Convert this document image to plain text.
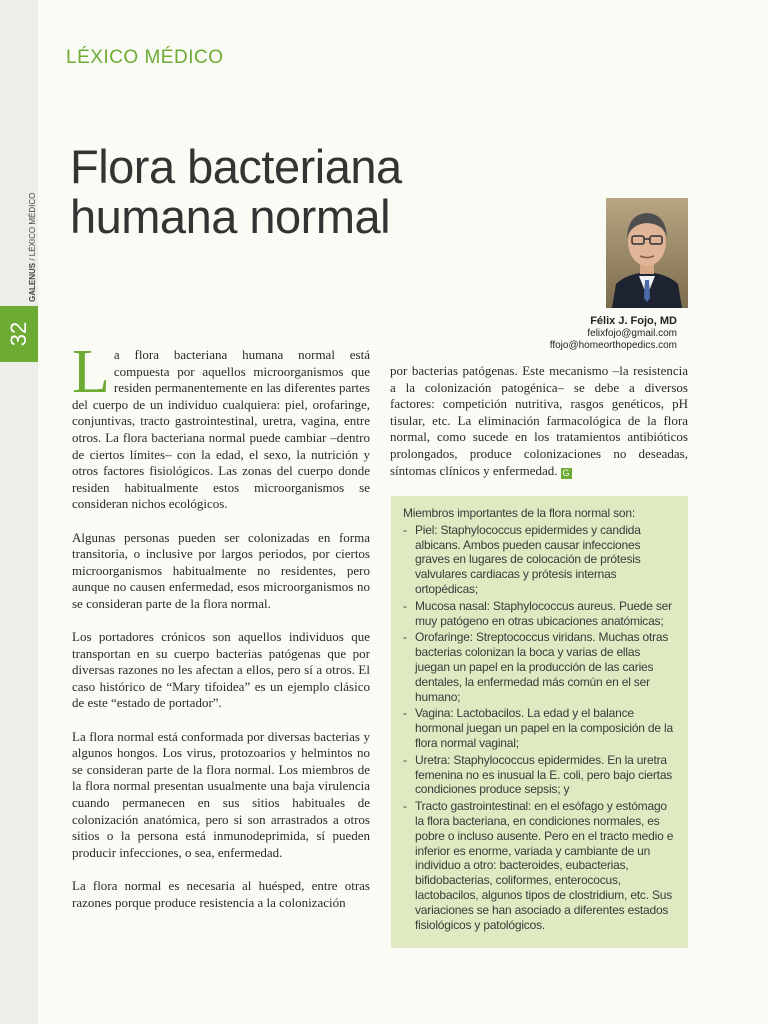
32
GALENUS / LÉXICO MÉDICO
LÉXICO MÉDICO
Flora bacteriana
humana normal
Félix J. Fojo, MD
felixfojo@gmail.com
ffojo@homeorthopedics.com

La flora bacteriana humana normal está compuesta por aquellos microorganismos que residen permanentemente en las diferentes partes del cuerpo de un individuo cualquiera: piel, orofaringe, conjuntivas, tracto gastrointestinal, uretra, vagina, entre otros. La flora bacteriana normal puede cambiar –dentro de ciertos límites– con la edad, el sexo, la nutrición y otros factores fisiológicos. Las zonas del cuerpo donde residen habitualmente estos microorganismos se consideran nichos ecológicos.

Algunas personas pueden ser colonizadas en forma transitoria, o inclusive por largos periodos, por ciertos microorganismos habitualmente no residentes, pero aunque no causen enfermedad, esos microorganismos no se consideran parte de la flora normal.

Los portadores crónicos son aquellos individuos que transportan en su cuerpo bacterias patógenas que por diversas razones no les afectan a ellos, pero sí a otros. El caso histórico de “Mary tifoidea” es un ejemplo clásico de este “estado de portador”.

La flora normal está conformada por diversas bacterias y algunos hongos. Los virus, protozoarios y helmintos no se consideran parte de la flora normal. Los miembros de la flora normal presentan usualmente una baja virulencia cuando permanecen en sus sitios habituales de colonización anatómica, pero si son arrastrados a otros sitios o la persona está inmunodeprimida, sí pueden producir infecciones, o sea, enfermedad.

La flora normal es necesaria al huésped, entre otras razones porque produce resistencia a la colonización

por bacterias patógenas. Este mecanismo –la resistencia a la colonización patogénica– se debe a diversos factores: competición nutritiva, rasgos genéticos, pH tisular, etc. La eliminación farmacológica de la flora normal, como sucede en los tratamientos antibióticos prolongados, produce colonizaciones no deseadas, síntomas clínicos y enfermedad. G

Miembros importantes de la flora normal son:
- Piel: Staphylococcus epidermides y candida albicans. Ambos pueden causar infecciones graves en lugares de colocación de prótesis valvulares cardiacas y prótesis internas ortopédicas;
- Mucosa nasal: Staphylococcus aureus. Puede ser muy patógeno en otras ubicaciones anatómicas;
- Orofaringe: Streptococcus viridans. Muchas otras bacterias colonizan la boca y varias de ellas juegan un papel en la producción de las caries dentales, la enfermedad más común en el ser humano;
- Vagina: Lactobacilos. La edad y el balance hormonal juegan un papel en la composición de la flora normal vaginal;
- Uretra: Staphylococcus epidermides. En la uretra femenina no es inusual la E. coli, pero bajo ciertas condiciones produce sepsis; y
- Tracto gastrointestinal: en el esófago y estómago la flora bacteriana, en condiciones normales, es pobre o incluso ausente. Pero en el tracto medio e inferior es enorme, variada y cambiante de un individuo a otro: bacteroides, eubacterias, bifidobacterias, coliformes, enterococus, lactobacilos, algunos tipos de clostridium, etc. Sus variaciones se han asociado a diferentes estados fisiológicos y patológicos.
